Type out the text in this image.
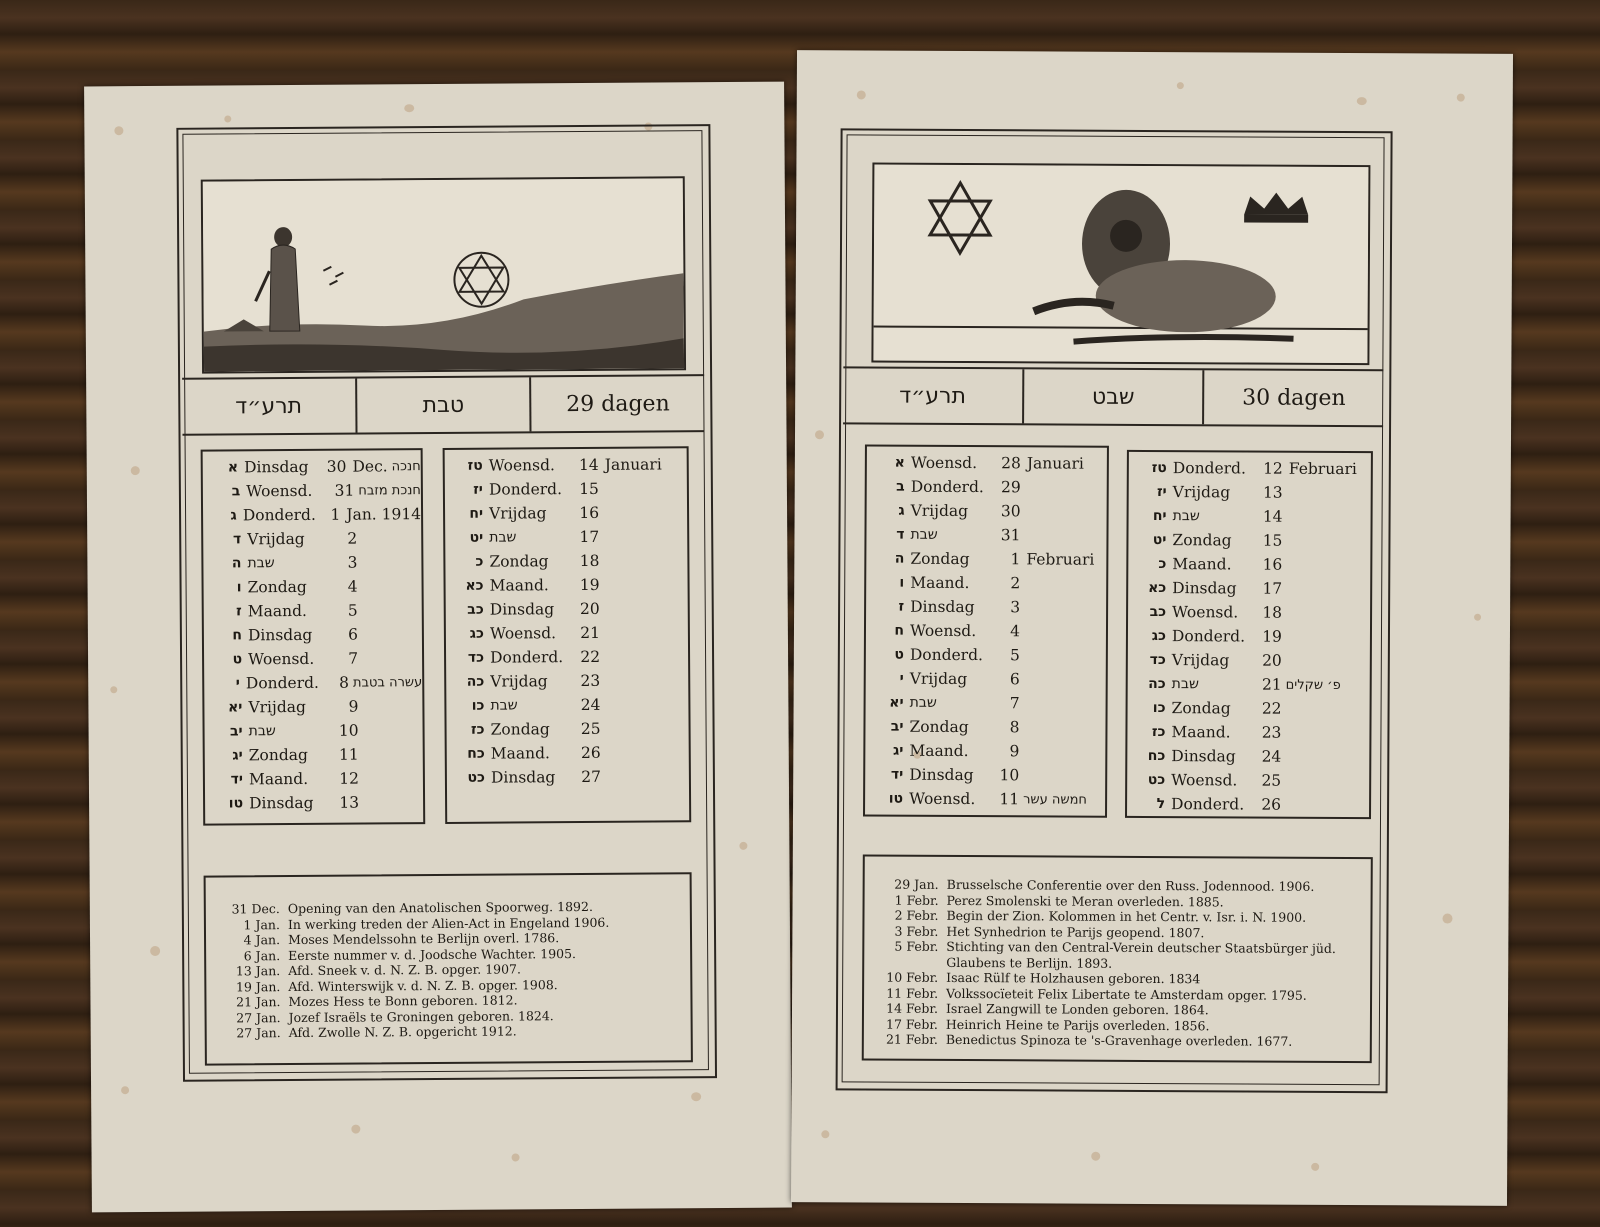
תרע״ד	טבת	29 dagen
א Dinsdag	30 Dec. חנכה
ב Woensd.	31 חנכת מזבח
ג Donderd. 1 Jan. 1914
ד Vrijdag	2
ה שבת	3
ו Zondag	4
ז Maand.	5
ח Dinsdag	6
ט Woensd.	7
י Donderd.	8 עשרה בטבת
יא Vrijdag	9
יב שבת	10
יג Zondag	11
יד Maand.	12
טו Dinsdag	13
טז Woensd.	14 Januari
יז Donderd.	15
יח Vrijdag	16
יט שבת	17
כ Zondag	18
כא Maand.	19
כב Dinsdag	20
כג Woensd.	21
כד Donderd.	22
כה Vrijdag	23
כו שבת	24
כז Zondag	25
כח Maand.	26
כט Dinsdag	27
31 Dec. Opening van den Anatolischen Spoorweg. 1892.
1 Jan. In werking treden der Alien-Act in Engeland 1906.
4 Jan. Moses Mendelssohn te Berlijn overl. 1786.
6 Jan. Eerste nummer v. d. Joodsche Wachter. 1905.
13 Jan. Afd. Sneek v. d. N. Z. B. opger. 1907.
19 Jan. Afd. Winterswijk v. d. N. Z. B. opger. 1908.
21 Jan. Mozes Hess te Bonn geboren. 1812.
27 Jan. Jozef Israëls te Groningen geboren. 1824.
27 Jan. Afd. Zwolle N. Z. B. opgericht 1912.
תרע״ד	שבט	30 dagen
א Woensd.	28 Januari
ב Donderd.	29
ג Vrijdag	30
ד שבת	31
ה Zondag	1 Februari
ו Maand.	2
ז Dinsdag	3
ח Woensd.	4
ט Donderd.	5
י Vrijdag	6
יא שבת	7
יב Zondag	8
יג Maand.	9
יד Dinsdag	10
טו Woensd.	11 חמשה עשר
טז Donderd.	12 Februari
יז Vrijdag	13
יח שבת	14
יט Zondag	15
כ Maand.	16
כא Dinsdag	17
כב Woensd.	18
כג Donderd.	19
כד Vrijdag	20
כה שבת	21 פ׳ שקלים
כו Zondag	22
כז Maand.	23
כח Dinsdag	24
כט Woensd.	25
ל Donderd.	26
29 Jan. Brusselsche Conferentie over den Russ. Jodennood. 1906.
1 Febr. Perez Smolenski te Meran overleden. 1885.
2 Febr. Begin der Zion. Kolommen in het Centr. v. Isr. i. N. 1900.
3 Febr. Het Synhedrion te Parijs geopend. 1807.
5 Febr. Stichting van den Central-Verein deutscher Staatsbürger jüd. Glaubens te Berlijn. 1893.
10 Febr. Isaac Rülf te Holzhausen geboren. 1834
11 Febr. Volkssocïeteit Felix Libertate te Amsterdam opger. 1795.
14 Febr. Israel Zangwill te Londen geboren. 1864.
17 Febr. Heinrich Heine te Parijs overleden. 1856.
21 Febr. Benedictus Spinoza te 's-Gravenhage overleden. 1677.
